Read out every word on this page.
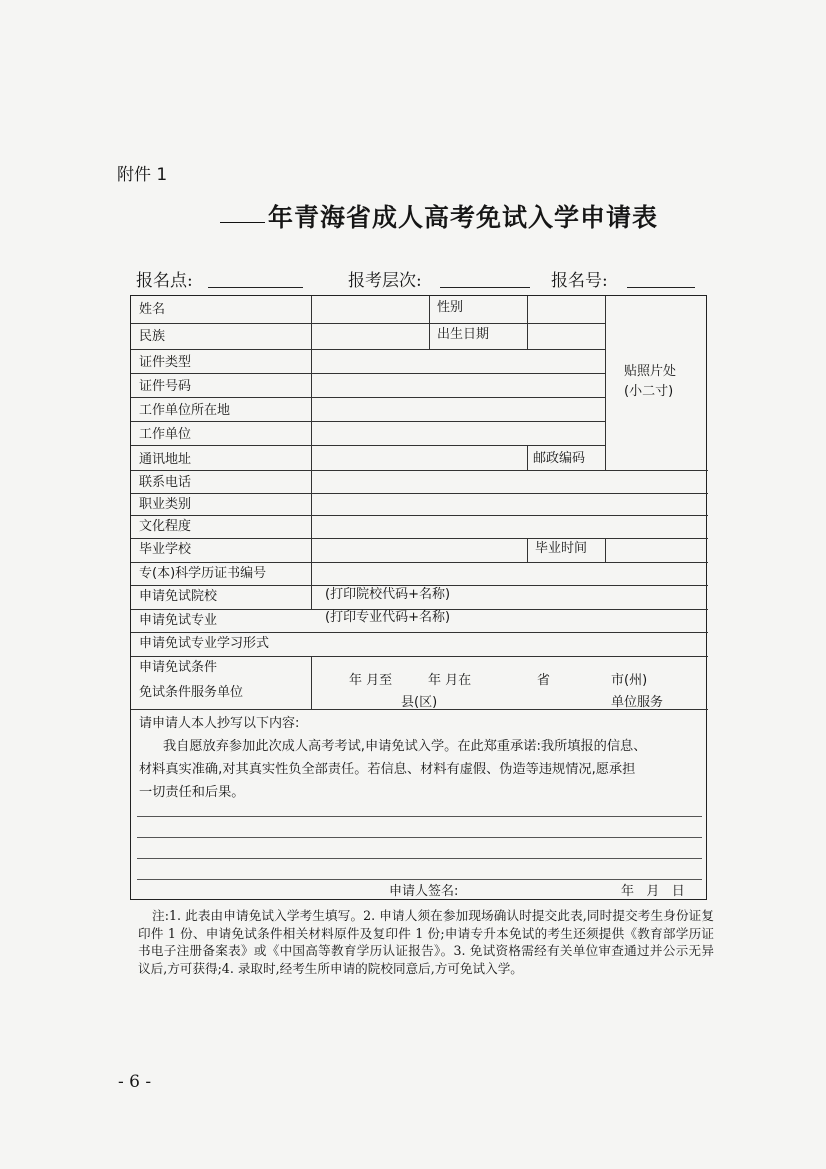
附件 1
年青海省成人高考免试入学申请表
报名点:	报考层次:	报名号:
姓名	性别
民族	出生日期
证件类型
证件号码
贴照片处
(小二寸)
工作单位所在地
工作单位
通讯地址	邮政编码
联系电话
职业类别
文化程度
毕业学校	毕业时间
专(本)科学历证书编号
申请免试院校	(打印院校代码+名称)
申请免试专业	(打印专业代码+名称)
申请免试专业学习形式
申请免试条件
免试条件服务单位
年 月至	年 月在	省	市(州)
县(区)	单位服务
请申请人本人抄写以下内容:
我自愿放弃参加此次成人高考考试,申请免试入学。在此郑重承诺:我所填报的信息、
材料真实准确,对其真实性负全部责任。若信息、材料有虚假、伪造等违规情况,愿承担
一切责任和后果。
申请人签名:	年   月   日
注:1. 此表由申请免试入学考生填写。2. 申请人须在参加现场确认时提交此表,同时提交考生身份证复印件 1 份、申请免试条件相关材料原件及复印件 1 份;申请专升本免试的考生还须提供《教育部学历证书电子注册备案表》或《中国高等教育学历认证报告》。3. 免试资格需经有关单位审查通过并公示无异议后,方可获得;4. 录取时,经考生所申请的院校同意后,方可免试入学。
- 6 -
